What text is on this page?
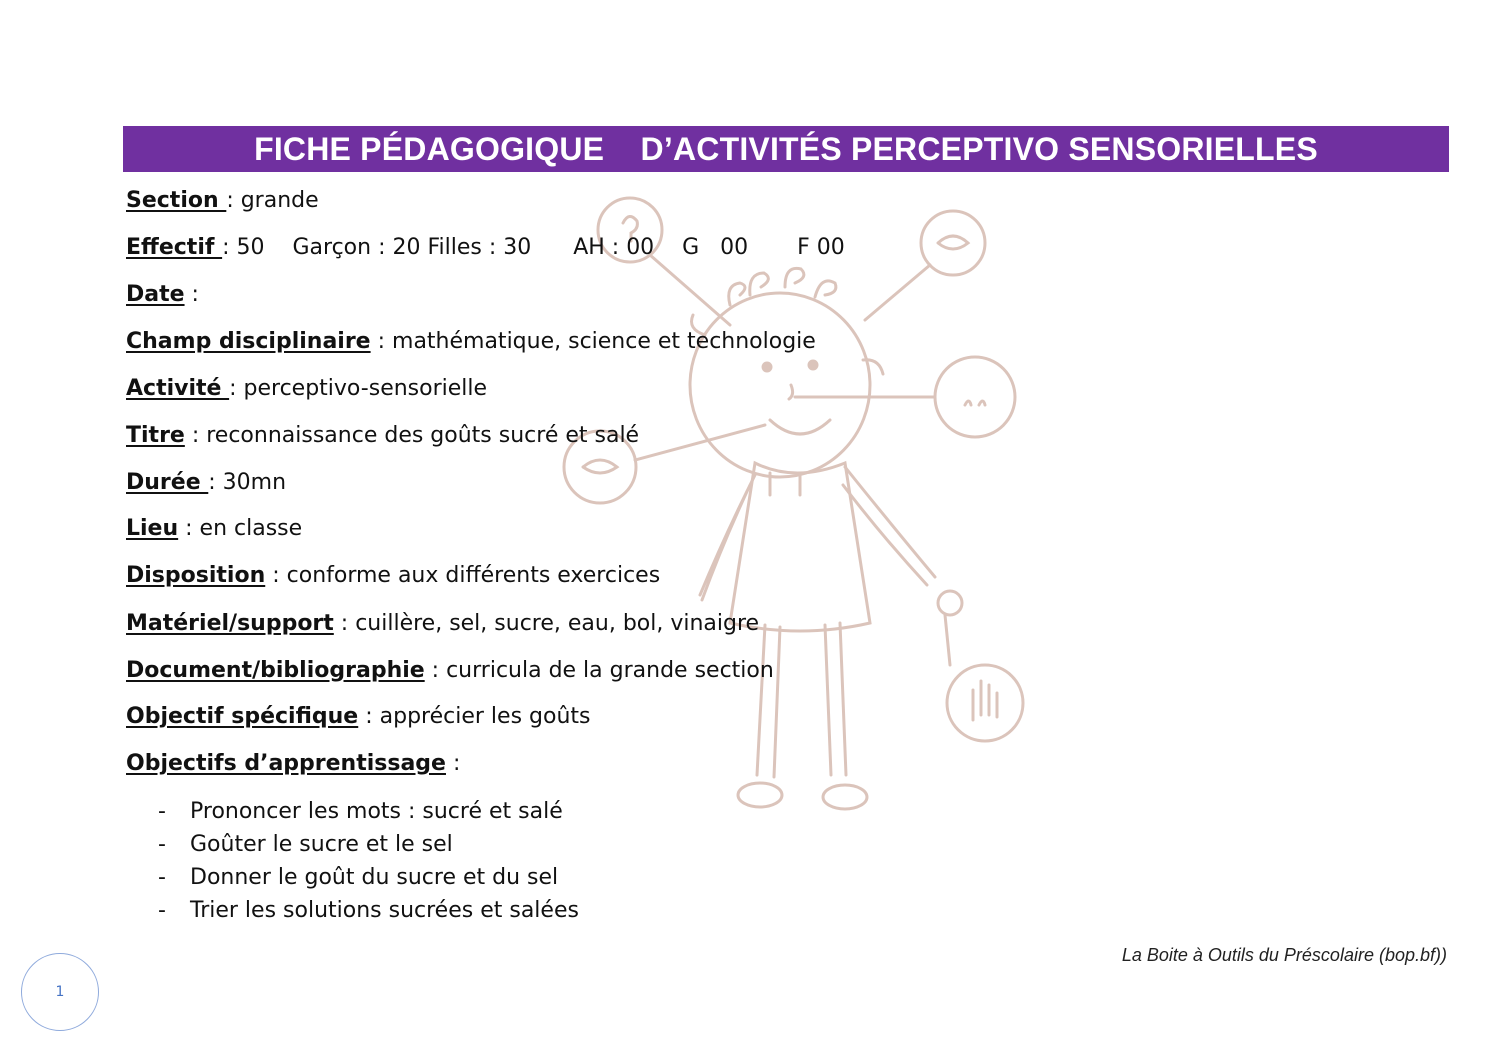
FICHE PÉDAGOGIQUE    D’ACTIVITÉS PERCEPTIVO SENSORIELLES
Section : grande
Effectif : 50    Garçon : 20 Filles : 30      AH : 00    G   00       F 00
Date :
Champ disciplinaire : mathématique, science et technologie
Activité : perceptivo-sensorielle
Titre : reconnaissance des goûts sucré et salé
Durée : 30mn
Lieu : en classe
Disposition : conforme aux différents exercices
Matériel/support : cuillère, sel, sucre, eau, bol, vinaigre
Document/bibliographie : curricula de la grande section
Objectif spécifique : apprécier les goûts
Objectifs d’apprentissage :
- Prononcer les mots : sucré et salé
- Goûter le sucre et le sel
- Donner le goût du sucre et du sel
- Trier les solutions sucrées et salées
La Boite à Outils du Préscolaire (bop.bf))
1
